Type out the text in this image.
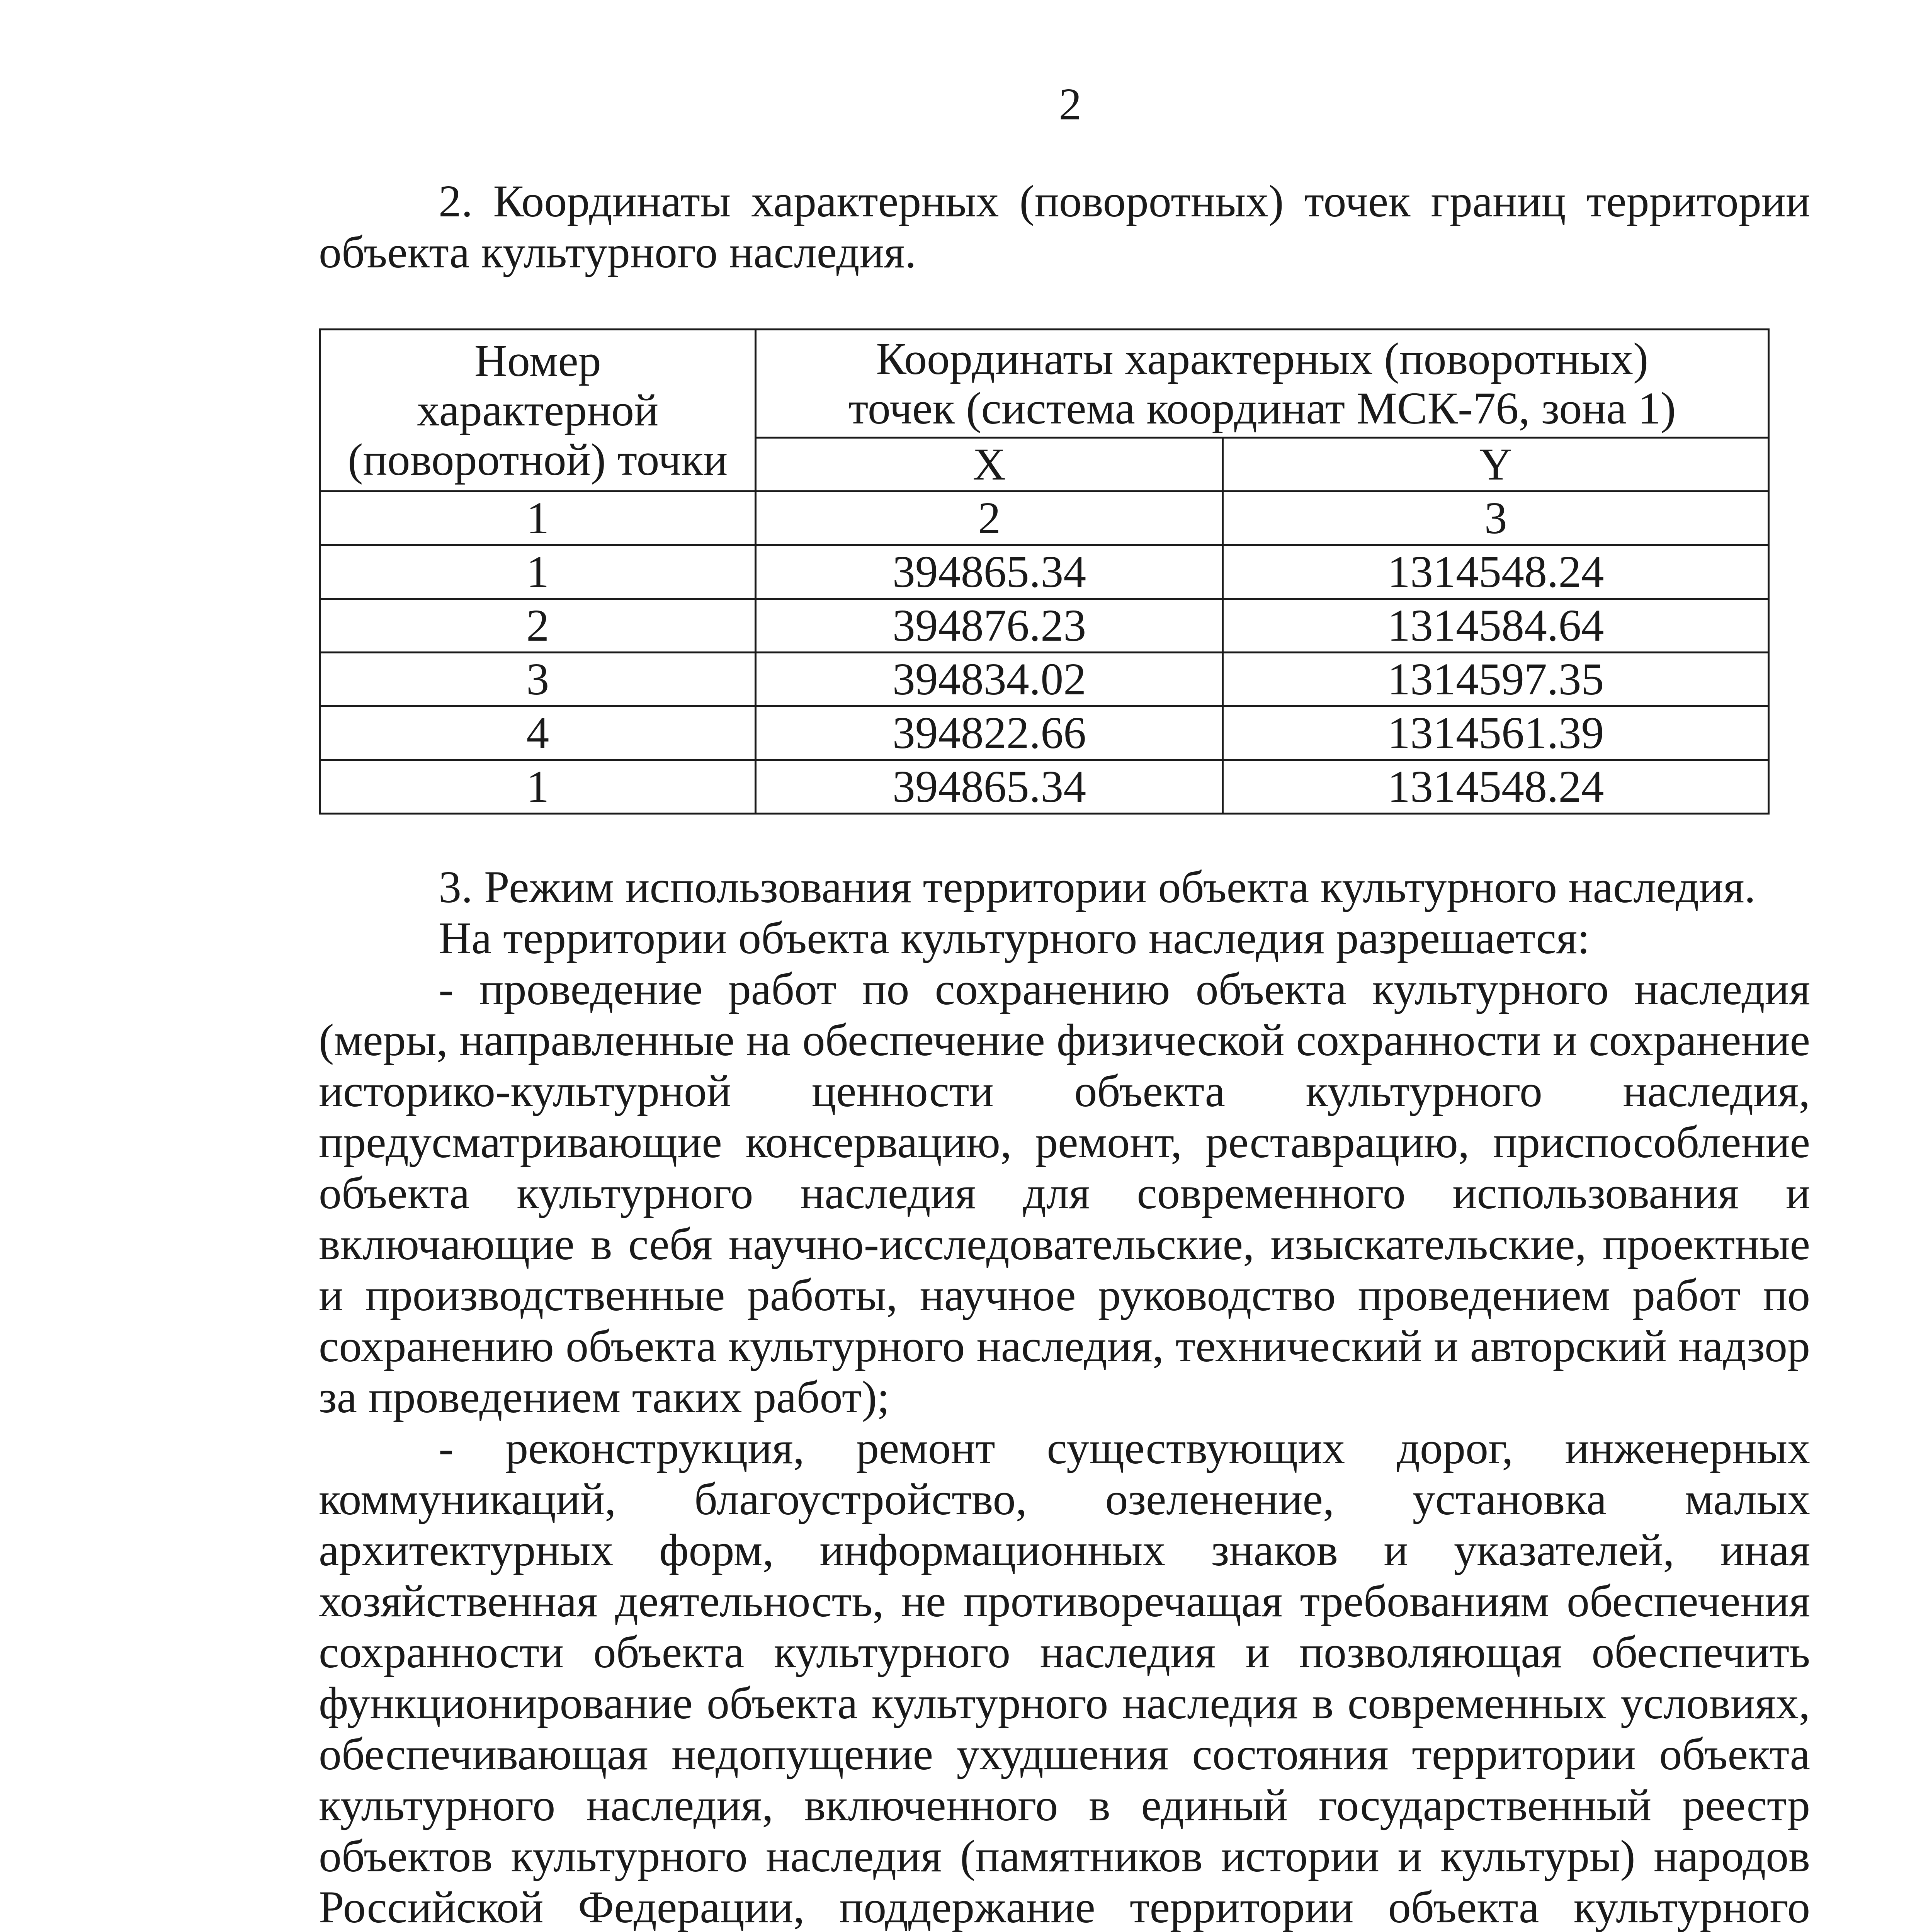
2

2. Координаты характерных (поворотных) точек границ территории объекта культурного наследия.

Номер
характерной
(поворотной) точки	Координаты характерных (поворотных)
точек (система координат МСК-76, зона 1)	
	X	Y
1	2	3
1	394865.34	1314548.24
2	394876.23	1314584.64
3	394834.02	1314597.35
4	394822.66	1314561.39
1	394865.34	1314548.24

3. Режим использования территории объекта культурного наследия.

На территории объекта культурного наследия разрешается:

- проведение работ по сохранению объекта культурного наследия (меры, направленные на обеспечение физической сохранности и сохранение историко-культурной ценности объекта культурного наследия, предусматривающие консервацию, ремонт, реставрацию, приспособление объекта культурного наследия для современного использования и включающие в себя научно-исследовательские, изыскательские, проектные и производственные работы, научное руководство проведением работ по сохранению объекта культурного наследия, технический и авторский надзор за проведением таких работ);

- реконструкция, ремонт существующих дорог, инженерных коммуникаций, благоустройство, озеленение, установка малых архитектурных форм, информационных знаков и указателей, иная хозяйственная деятельность, не противоречащая требованиям обеспечения сохранности объекта культурного наследия и позволяющая обеспечить функционирование объекта культурного наследия в современных условиях, обеспечивающая недопущение ухудшения состояния территории объекта культурного наследия, включенного в единый государственный реестр объектов культурного наследия (памятников истории и культуры) народов Российской Федерации, поддержание территории объекта культурного
